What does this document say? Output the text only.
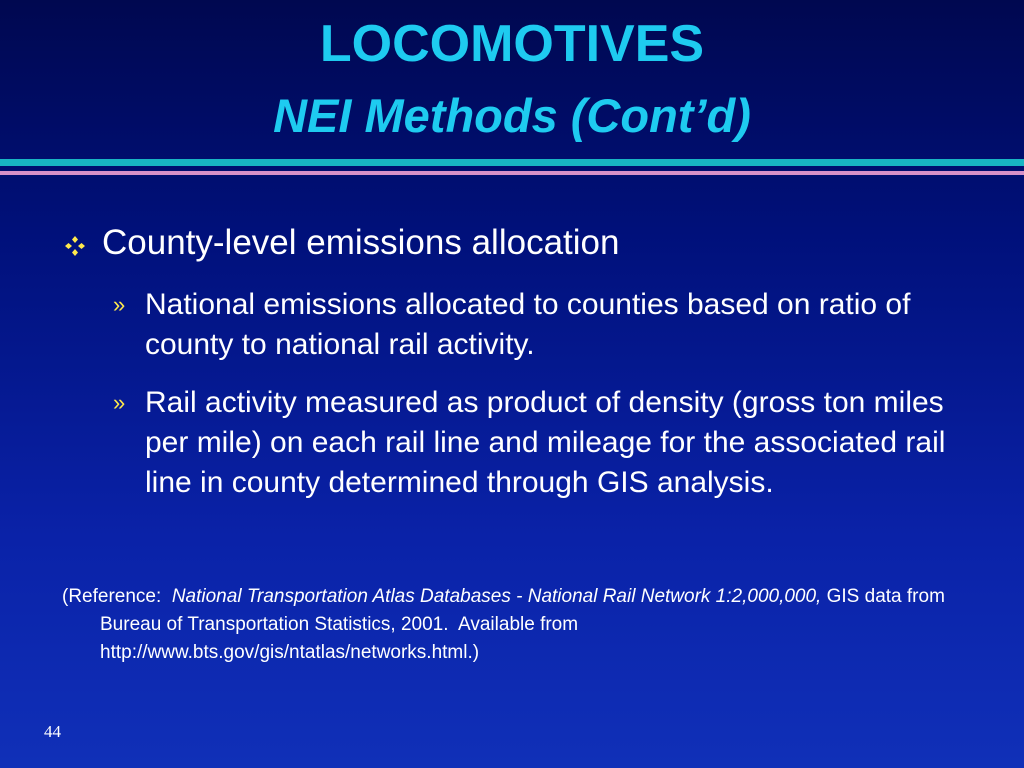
LOCOMOTIVES
NEI Methods (Cont’d)
County-level emissions allocation
» National emissions allocated to counties based on ratio of county to national rail activity.
» Rail activity measured as product of density (gross ton miles per mile) on each rail line and mileage for the associated rail line in county determined through GIS analysis.
(Reference:  National Transportation Atlas Databases - National Rail Network 1:2,000,000, GIS data from Bureau of Transportation Statistics, 2001.  Available from http://www.bts.gov/gis/ntatlas/networks.html.)
44
